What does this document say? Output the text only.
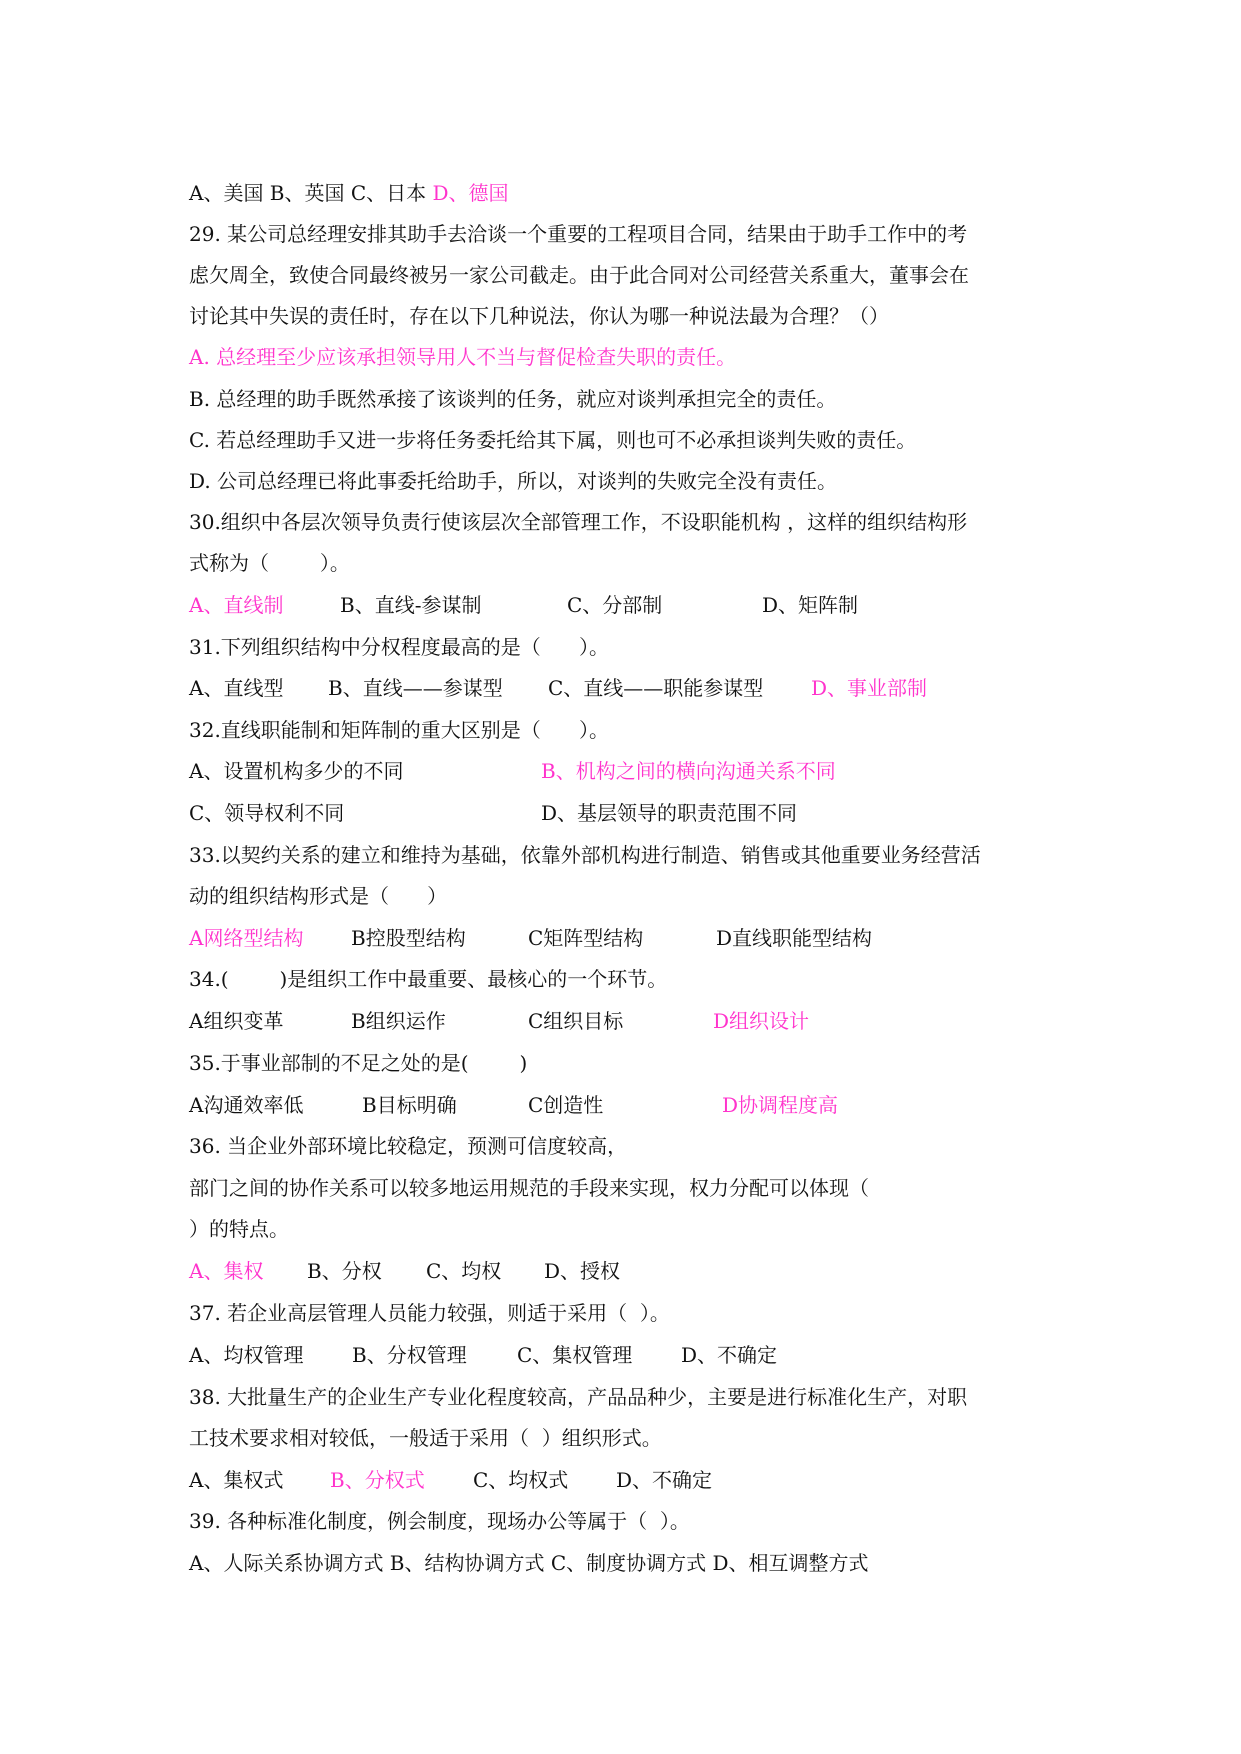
A、美国 B、英国 C、日本 D、德国

29. 某公司总经理安排其助手去洽谈一个重要的工程项目合同，结果由于助手工作中的考

虑欠周全，致使合同最终被另一家公司截走。由于此合同对公司经营关系重大，董事会在

讨论其中失误的责任时，存在以下几种说法，你认为哪一种说法最为合理？（）

A. 总经理至少应该承担领导用人不当与督促检查失职的责任。

B. 总经理的助手既然承接了该谈判的任务，就应对谈判承担完全的责任。

C. 若总经理助手又进一步将任务委托给其下属，则也可不必承担谈判失败的责任。

D. 公司总经理已将此事委托给助手，所以，对谈判的失败完全没有责任。

30.组织中各层次领导负责行使该层次全部管理工作，不设职能机构 ，这样的组织结构形

式称为（        ）。

A、直线制

	B、直线-参谋制

	C、分部制

	D、矩阵制

31.下列组织结构中分权程度最高的是（      ）。

A、直线型

B、直线——参谋型

C、直线——职能参谋型

D、事业部制

32.直线职能制和矩阵制的重大区别是（      ）。

A、设置机构多少的不同

	B、机构之间的横向沟通关系不同

C、领导权利不同

	D、基层领导的职责范围不同

33.以契约关系的建立和维持为基础，依靠外部机构进行制造、销售或其他重要业务经营活

动的组织结构形式是（      ）

A网络型结构

B控股型结构

	C矩阵型结构

	D直线职能型结构

34.(        )是组织工作中最重要、最核心的一个环节。

A组织变革

	B组织运作

	C组织目标

	D组织设计

35.于事业部制的不足之处的是(        )

A沟通效率低

	B目标明确

	C创造性

	D协调程度高

36. 当企业外部环境比较稳定，预测可信度较高，

部门之间的协作关系可以较多地运用规范的手段来实现，权力分配可以体现（

）的特点。

A、集权

B、分权

C、均权

D、授权

37. 若企业高层管理人员能力较强，则适于采用（  ）。

A、均权管理

B、分权管理

	C、集权管理

D、不确定

38. 大批量生产的企业生产专业化程度较高，产品品种少，主要是进行标准化生产，对职

工技术要求相对较低，一般适于采用（  ）组织形式。

A、集权式

B、分权式

C、均权式

D、不确定

39. 各种标准化制度，例会制度，现场办公等属于（  ）。

A、人际关系协调方式 B、结构协调方式 C、制度协调方式 D、相互调整方式
